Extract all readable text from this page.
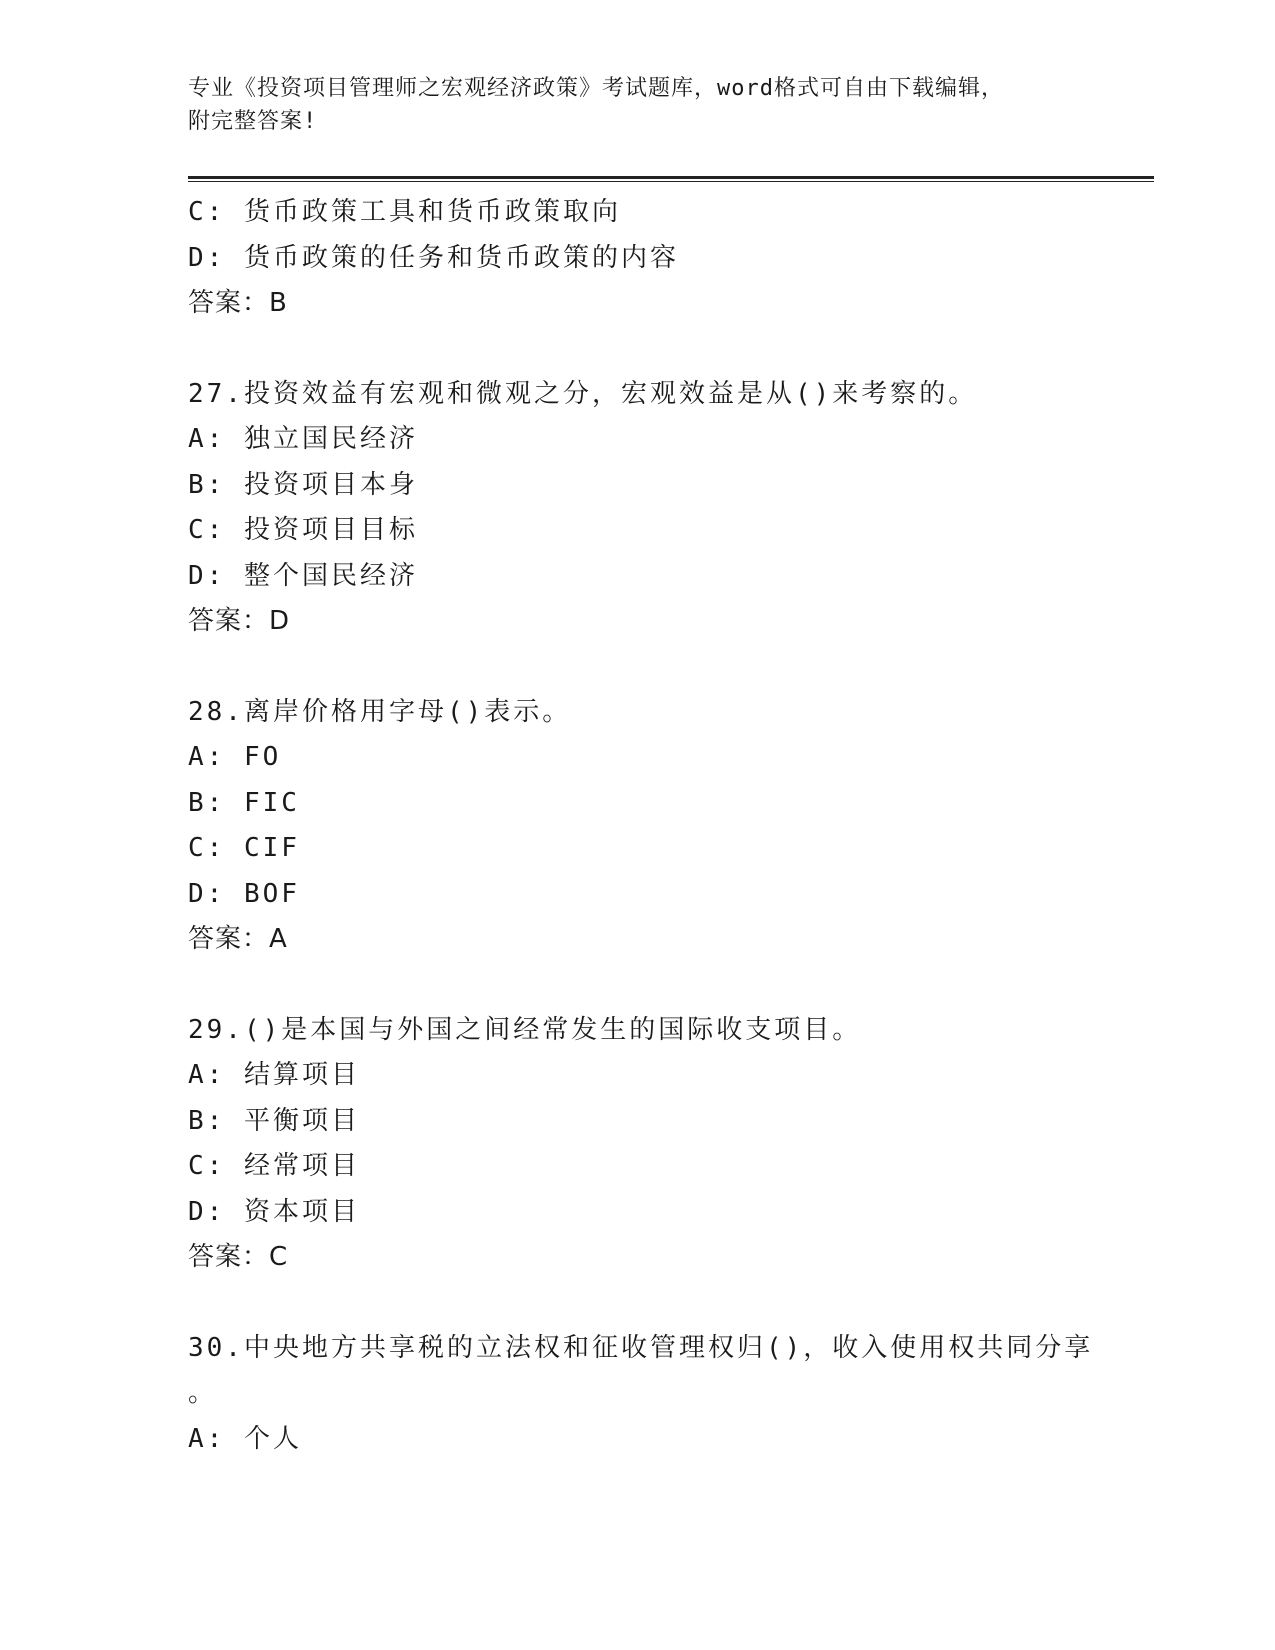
专业《投资项目管理师之宏观经济政策》考试题库，word格式可自由下载编辑，
附完整答案!
C: 货币政策工具和货币政策取向
D: 货币政策的任务和货币政策的内容
答案：B
27.投资效益有宏观和微观之分，宏观效益是从()来考察的。
A: 独立国民经济
B: 投资项目本身
C: 投资项目目标
D: 整个国民经济
答案：D
28.离岸价格用字母()表示。
A: FO
B: FIC
C: CIF
D: BOF
答案：A
29.()是本国与外国之间经常发生的国际收支项目。
A: 结算项目
B: 平衡项目
C: 经常项目
D: 资本项目
答案：C
30.中央地方共享税的立法权和征收管理权归()，收入使用权共同分享
。
A: 个人
